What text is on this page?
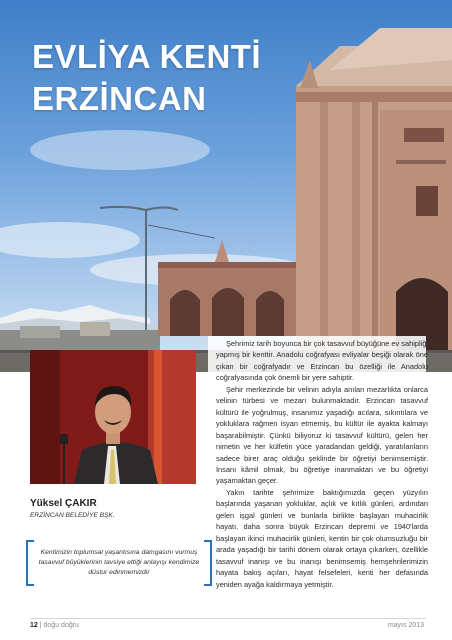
EVLİYA KENTİ
ERZİNCAN

Şehrimiz tarih boyunca bir çok tasavvuf büyüğüne ev sahipliği yapmış bir kenttir. Anadolu coğrafyası evliyalar beşiği olarak öne çıkan bir coğrafyadır ve Erzincan bu özelliği ile Anadolu coğrafyasında çok önemli bir yere sahiptir.

Şehir merkezinde bir velinin adıyla anılan mezarlıkta onlarca velinin türbesi ve mezarı bulunmaktadır. Erzincan tasavvuf kültürü ile yoğrulmuş, insanımız yaşadığı acılara, sıkıntılara ve yokluklara rağmen isyan etmemiş, bu kültür ile ayakta kalmayı başarabilmiştir. Çünkü biliyoruz ki tasavvuf kültürü, gelen her nimetin ve her külfetin yüce yaradandan geldiği, yaratılanların sadece birer araç olduğu şeklinde bir öğretiyi benimsemiştir. İnsanı kâmil olmak, bu öğretiye inanmaktan ve bu öğretiyi yaşamaktan geçer.

Yakın tarihte şehrimize baktığımızda geçen yüzyılın başlarında yaşanan yokluklar, açlık ve kıtlık günleri, ardından gelen işgal günleri ve bunlarla birlikte başlayan muhacirlik hayatı, daha sonra büyük Erzincan depremi ve 1940'larda başlayan ikinci muhacirlik günleri, kentin bir çok olumsuzluğu bir arada yaşadığı bir tarihi dönem olarak ortaya çıkarken, özellikle tasavvuf inanışı ve bu inanışı benimsemiş hemşehrilerimizin hayata bakış açıları, hayat felsefeleri, kenti her defasında yeniden ayağa kaldırmaya yetmiştir.

Yüksel ÇAKIR

ERZİNCAN BELEDİYE BŞK.

Kentimizin toplumsal yaşantısına damgasını vurmuş tasavvuf büyüklerinin tavsiye ettiği anlayışı kendimize düstur edinmemizdir

12 | doğu doğru	mayıs 2013
